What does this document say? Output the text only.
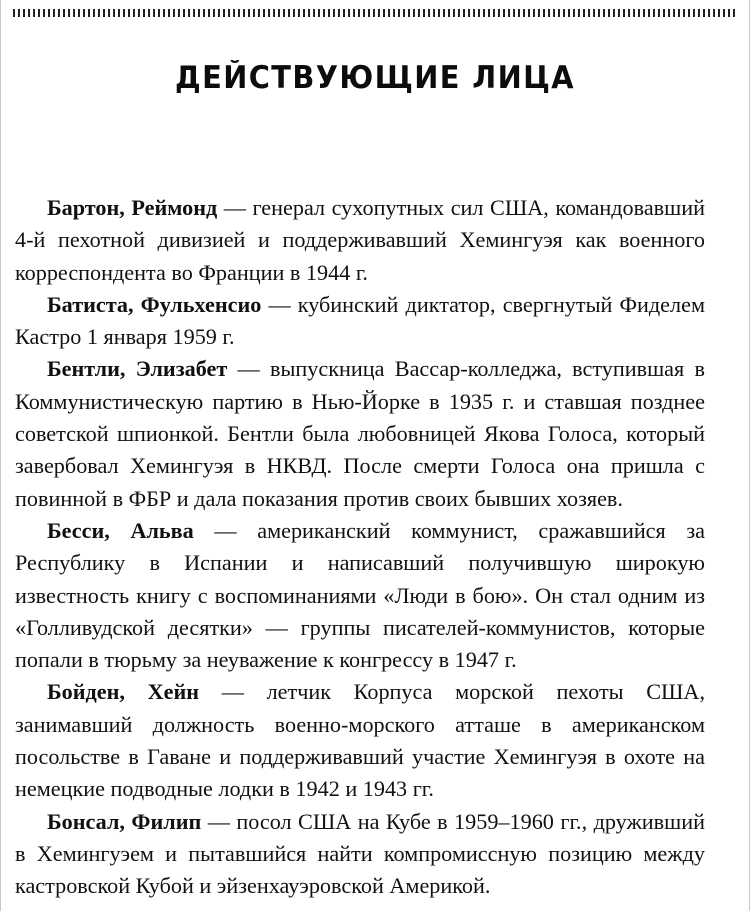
ДЕЙСТВУЮЩИЕ ЛИЦА

Бартон, Реймонд — генерал сухопутных сил США, командовавший 4-й пехотной дивизией и поддерживавший Хемингуэя как военного корреспондента во Франции в 1944 г.

Батиста, Фульхенсио — кубинский диктатор, свергнутый Фиделем Кастро 1 января 1959 г.

Бентли, Элизабет — выпускница Вассар-колледжа, вступившая в Коммунистическую партию в Нью-Йорке в 1935 г. и ставшая позднее советской шпионкой. Бентли была любовницей Якова Голоса, который завербовал Хемингуэя в НКВД. После смерти Голоса она пришла с повинной в ФБР и дала показания против своих бывших хозяев.

Бесси, Альва — американский коммунист, сражавшийся за Республику в Испании и написавший получившую широкую известность книгу с воспоминаниями «Люди в бою». Он стал одним из «Голливудской десятки» — группы писателей-коммунистов, которые попали в тюрьму за неуважение к конгрессу в 1947 г.

Бойден, Хейн — летчик Корпуса морской пехоты США, занимавший должность военно-морского атташе в американском посольстве в Гаване и поддерживавший участие Хемингуэя в охоте на немецкие подводные лодки в 1942 и 1943 гг.

Бонсал, Филип — посол США на Кубе в 1959–1960 гг., друживший в Хемингуэем и пытавшийся найти компромиссную позицию между кастровской Кубой и эйзенхауэровской Америкой.
